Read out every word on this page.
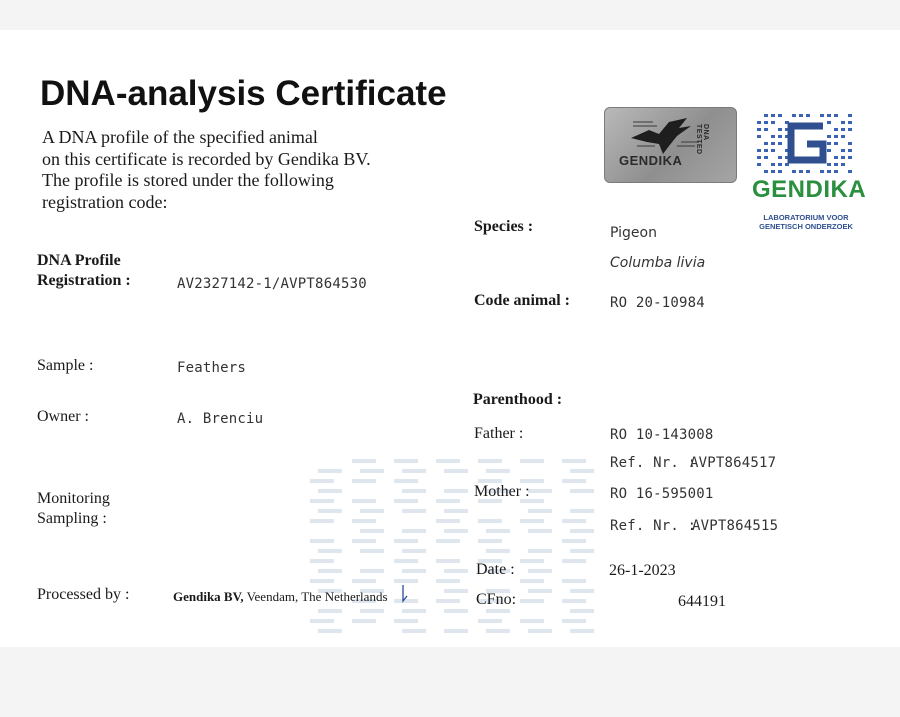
DNA-analysis Certificate
A DNA profile of the specified animal
on this certificate is recorded by Gendika BV.
The profile is stored under the following
registration code:
GENDIKA
DNA TESTED
GENDIKA
LABORATORIUM VOOR
GENETISCH ONDERZOEK
DNA Profile
Registration :	AV2327142-1/AVPT864530
Sample :	Feathers
Owner :	A. Brenciu
Monitoring
Sampling :
Processed by :	Gendika BV, Veendam, The Netherlands
Species :	Pigeon
Columba livia
Code animal :	RO 20-10984
Parenthood :
Father :	RO 10-143008
Ref. Nr. :
AVPT864517
Mother :	RO 16-595001
Ref. Nr. :
AVPT864515
Date :	26-1-2023
CFno:	644191
